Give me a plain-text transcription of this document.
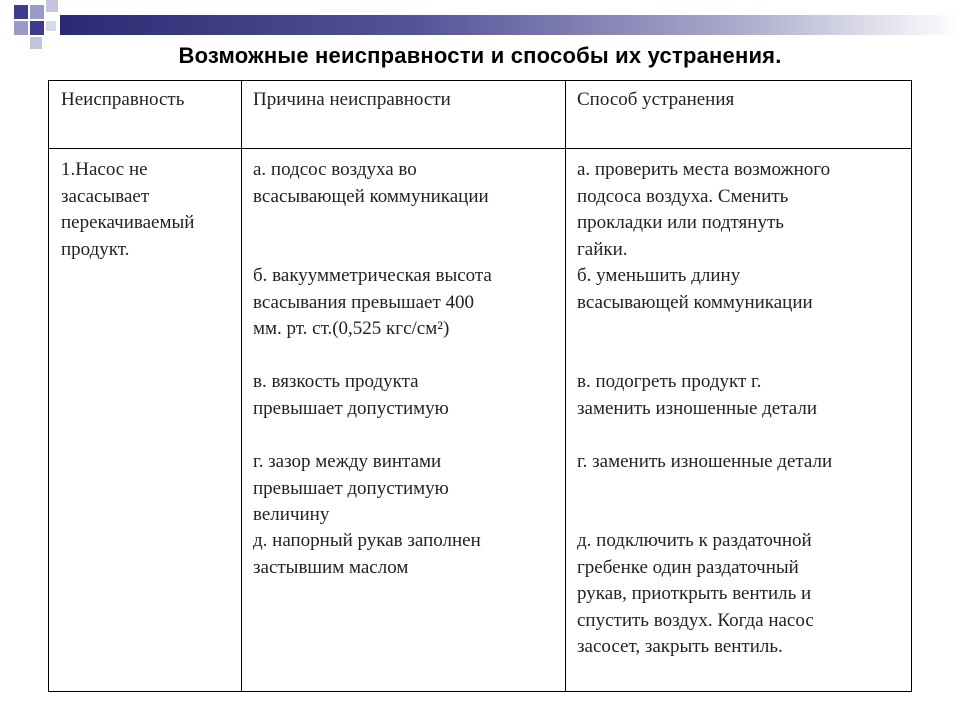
Возможные неисправности и способы их устранения.
Неисправность	Причина неисправности	Способ устранения
1.Насос не
засасывает
перекачиваемый
продукт.
а. подсос воздуха во
всасывающей коммуникации
б. вакуумметрическая высота
всасывания превышает 400
мм. рт. ст.(0,525 кгс/см²)
в. вязкость продукта
превышает допустимую
г. зазор между винтами
превышает допустимую
величину
д. напорный рукав заполнен
застывшим маслом
а. проверить места возможного
подсоса воздуха. Сменить
прокладки или подтянуть
гайки.
б. уменьшить длину
всасывающей коммуникации
в. подогреть продукт г.
заменить изношенные детали
г. заменить изношенные детали
д. подключить к раздаточной
гребенке один раздаточный
рукав, приоткрыть вентиль и
спустить воздух. Когда насос
засосет, закрыть вентиль.
